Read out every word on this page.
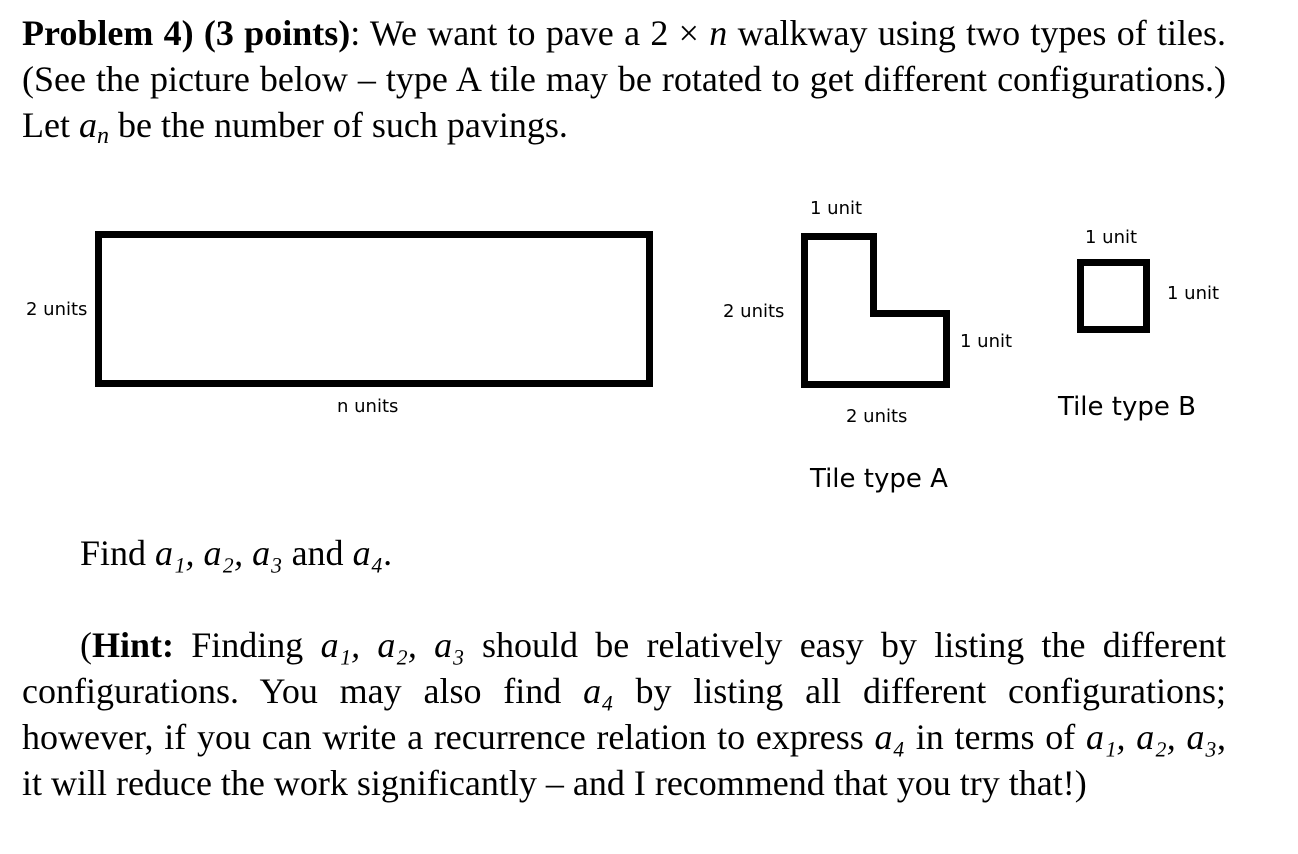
Problem 4) (3 points): We want to pave a 2 × n walkway using two types of tiles. (See the picture below – type A tile may be rotated to get different configurations.) Let $a_n$ be the number of such pavings.

2 units
n units
1 unit
2 units
1 unit
2 units
Tile type A
1 unit
1 unit
Tile type B

Find a₁, a₂, a₃ and a₄.

(Hint: Finding a₁, a₂, a₃ should be relatively easy by listing the different configurations. You may also find a₄ by listing all different configurations; however, if you can write a recurrence relation to express a₄ in terms of a₁, a₂, a₃, it will reduce the work significantly – and I recommend that you try that!)
